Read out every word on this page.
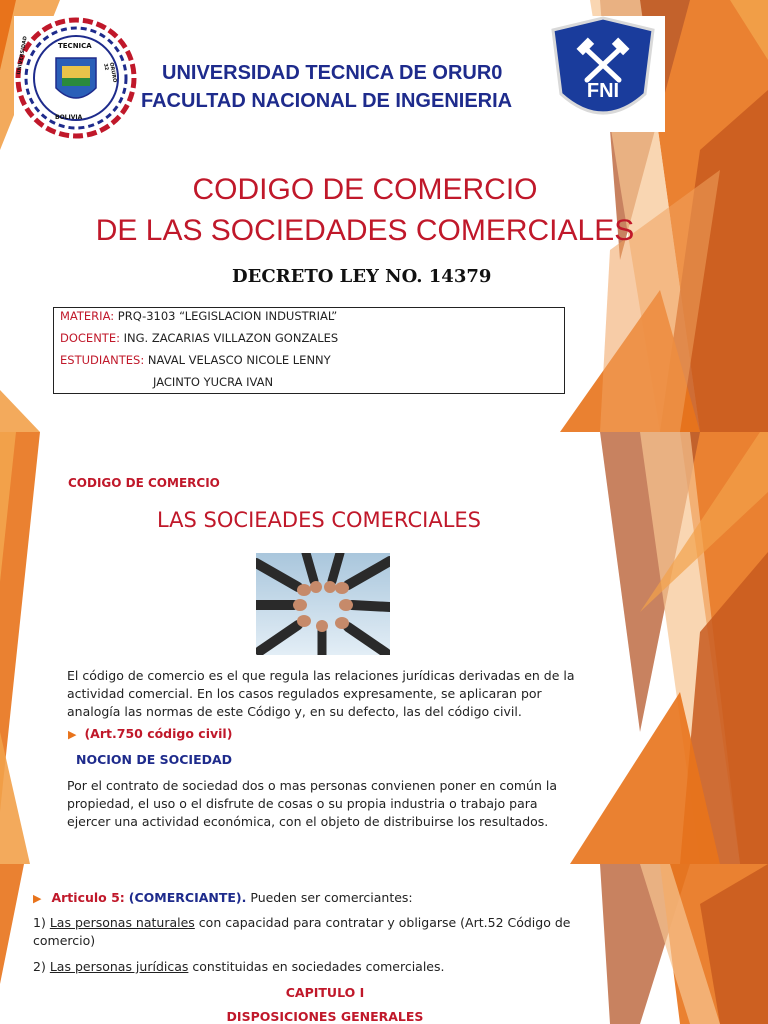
TECNICA
BOLIVIA
UNIVERSIDAD	ORURO 32
FNI
UNIVERSIDAD TECNICA DE ORUR0
FACULTAD NACIONAL DE INGENIERIA
CODIGO DE COMERCIO
DE LAS SOCIEDADES COMERCIALES
DECRETO LEY NO. 14379
MATERIA: PRQ-3103 “LEGISLACION INDUSTRIAL”
DOCENTE: ING. ZACARIAS VILLAZON GONZALES
ESTUDIANTES: NAVAL VELASCO NICOLE LENNY
JACINTO YUCRA IVAN
CODIGO DE COMERCIO
LAS SOCIEADES COMERCIALES
El código de comercio es el que regula las relaciones jurídicas derivadas en de la actividad comercial. En los casos regulados expresamente, se aplicaran por analogía las normas de este Código y, en su defecto, las del código civil.
▶ (Art.750 código civil)
NOCION DE SOCIEDAD
Por el contrato de sociedad dos o mas personas convienen poner en común la propiedad, el uso o el disfrute de cosas o su propia industria o trabajo para ejercer una actividad económica, con el objeto de distribuirse los resultados.
▶ Articulo 5: (COMERCIANTE). Pueden ser comerciantes:
1) Las personas naturales con capacidad para contratar y obligarse (Art.52 Código de comercio)
2) Las personas jurídicas constituidas en sociedades comerciales.
CAPITULO I
DISPOSICIONES GENERALES
